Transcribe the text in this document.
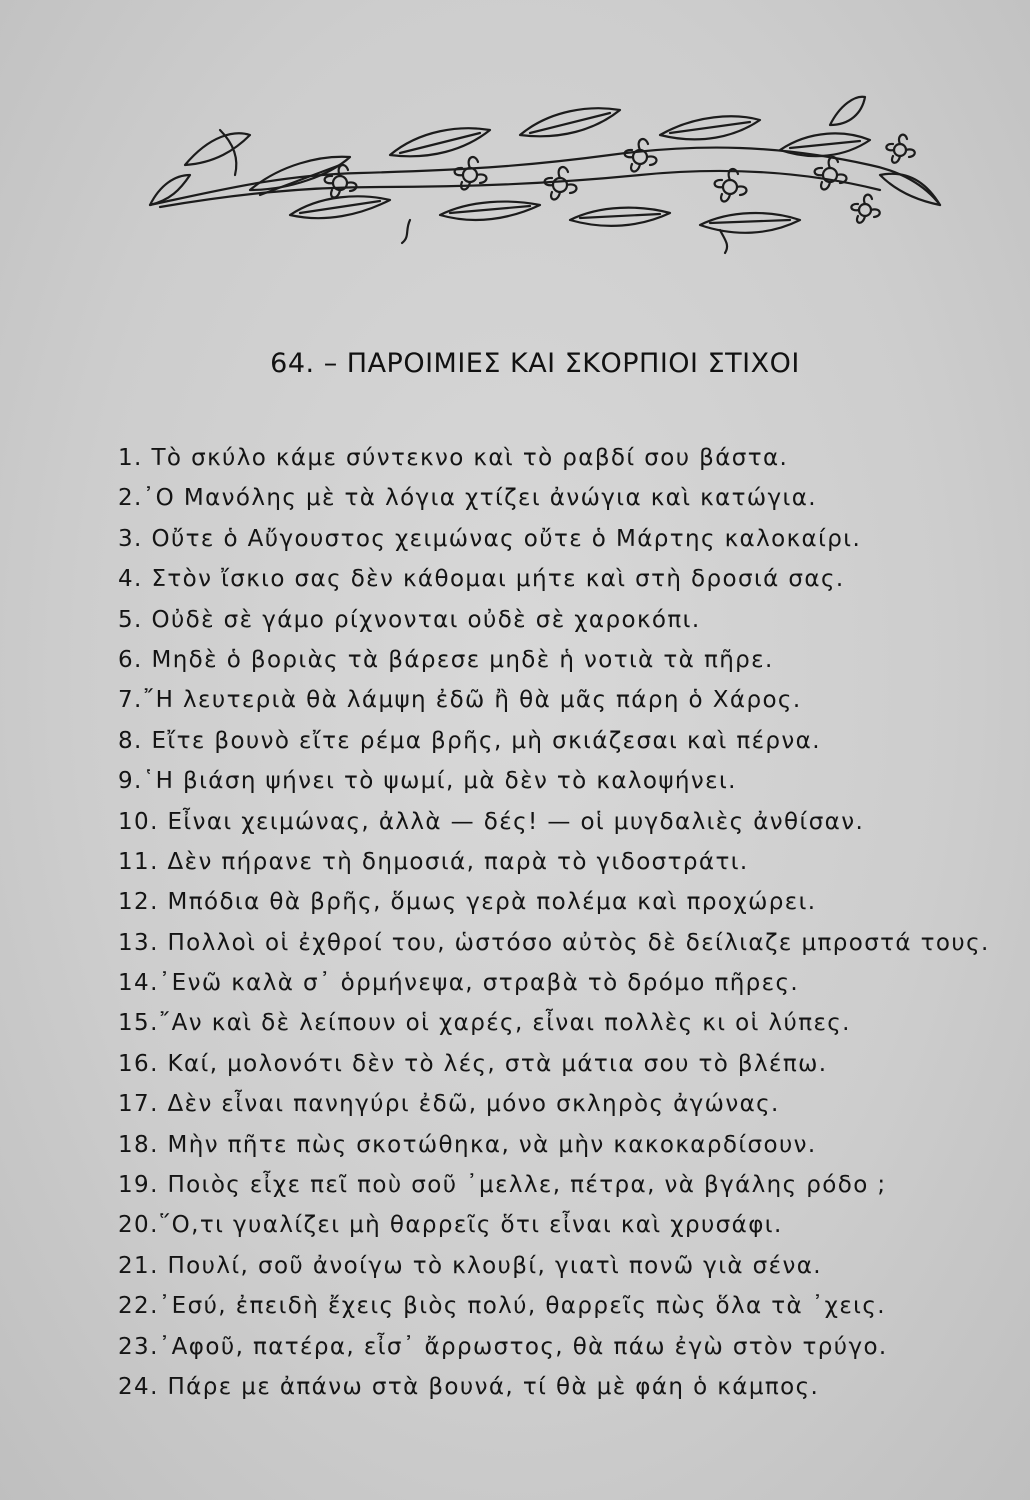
64. – ΠΑΡΟΙΜΙΕΣ ΚΑΙ ΣΚΟΡΠΙΟΙ ΣΤΙΧΟΙ
1. Τὸ σκύλο κάμε σύντεκνο καὶ τὸ ραβδί σου βάστα.
2.᾿Ο Μανόλης μὲ τὰ λόγια χτίζει ἀνώγια καὶ κατώγια.
3. Οὔτε ὁ Αὔγουστος χειμώνας οὔτε ὁ Μάρτης καλοκαίρι.
4. Στὸν ἴσκιο σας δὲν κάθομαι μήτε καὶ στὴ δροσιά σας.
5. Οὐδὲ σὲ γάμο ρίχνονται οὐδὲ σὲ χαροκόπι.
6. Μηδὲ ὁ βοριὰς τὰ βάρεσε μηδὲ ἡ νοτιὰ τὰ πῆρε.
7.῎Η λευτεριὰ θὰ λάμψη ἐδῶ ἢ θὰ μᾶς πάρη ὁ Χάρος.
8. Εἴτε βουνὸ εἴτε ρέμα βρῆς, μὴ σκιάζεσαι καὶ πέρνα.
9.῾Η βιάση ψήνει τὸ ψωμί, μὰ δὲν τὸ καλοψήνει.
10. Εἶναι χειμώνας, ἀλλὰ — δές! — οἱ μυγδαλιὲς ἀνθίσαν.
11. Δὲν πήρανε τὴ δημοσιά, παρὰ τὸ γιδοστράτι.
12. Μπόδια θὰ βρῆς, ὅμως γερὰ πολέμα καὶ προχώρει.
13. Πολλοὶ οἱ ἐχθροί του, ὡστόσο αὐτὸς δὲ δείλιαζε μπροστά τους.
14.᾿Ενῶ καλὰ σ᾿ ὁρμήνεψα, στραβὰ τὸ δρόμο πῆρες.
15.῎Αν καὶ δὲ λείπουν οἱ χαρές, εἶναι πολλὲς κι οἱ λύπες.
16. Καί, μολονότι δὲν τὸ λές, στὰ μάτια σου τὸ βλέπω.
17. Δὲν εἶναι πανηγύρι ἐδῶ, μόνο σκληρὸς ἀγώνας.
18. Μὴν πῆτε πὼς σκοτώθηκα, νὰ μὴν κακοκαρδίσουν.
19. Ποιὸς εἶχε πεῖ ποὺ σοῦ ᾿μελλε, πέτρα, νὰ βγάλης ρόδο ;
20.῞Ο,τι γυαλίζει μὴ θαρρεῖς ὅτι εἶναι καὶ χρυσάφι.
21. Πουλί, σοῦ ἀνοίγω τὸ κλουβί, γιατὶ πονῶ γιὰ σένα.
22.᾿Εσύ, ἐπειδὴ ἔχεις βιὸς πολύ, θαρρεῖς πὼς ὅλα τὰ ᾿χεις.
23.᾿Αφοῦ, πατέρα, εἶσ᾿ ἄρρωστος, θὰ πάω ἐγὼ στὸν τρύγο.
24. Πάρε με ἀπάνω στὰ βουνά, τί θὰ μὲ φάη ὁ κάμπος.
